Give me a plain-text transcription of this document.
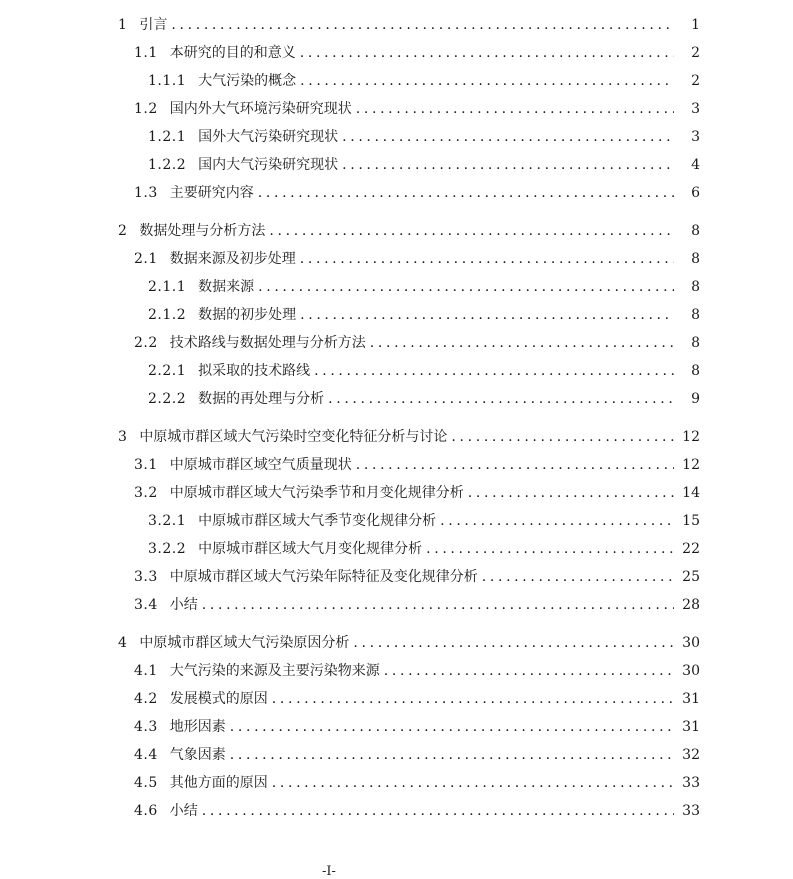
1 引言 . . .	1
1.1 本研究的目的和意义 . . .	2
1.1.1 大气污染的概念 . . .	2
1.2 国内外大气环境污染研究现状 . . .	3
1.2.1 国外大气污染研究现状 . . .	3
1.2.2 国内大气污染研究现状 . . .	4
1.3 主要研究内容 . . .	6
2 数据处理与分析方法 . . .	8
2.1 数据来源及初步处理 . . .	8
2.1.1 数据来源 . . .	8
2.1.2 数据的初步处理 . . .	8
2.2 技术路线与数据处理与分析方法 . . .	8
2.2.1 拟采取的技术路线 . . .	8
2.2.2 数据的再处理与分析 . . .	9
3 中原城市群区域大气污染时空变化特征分析与讨论 . . .	12
3.1 中原城市群区域空气质量现状 . . .	12
3.2 中原城市群区域大气污染季节和月变化规律分析 . . .	14
3.2.1 中原城市群区域大气季节变化规律分析 . . .	15
3.2.2 中原城市群区域大气月变化规律分析 . . .	22
3.3 中原城市群区域大气污染年际特征及变化规律分析 . . .	25
3.4 小结 . . .	28
4 中原城市群区域大气污染原因分析 . . .	30
4.1 大气污染的来源及主要污染物来源 . . .	30
4.2 发展模式的原因 . . .	31
4.3 地形因素 . . .	31
4.4 气象因素 . . .	32
4.5 其他方面的原因 . . .	33
4.6 小结 . . .	33
-I-
